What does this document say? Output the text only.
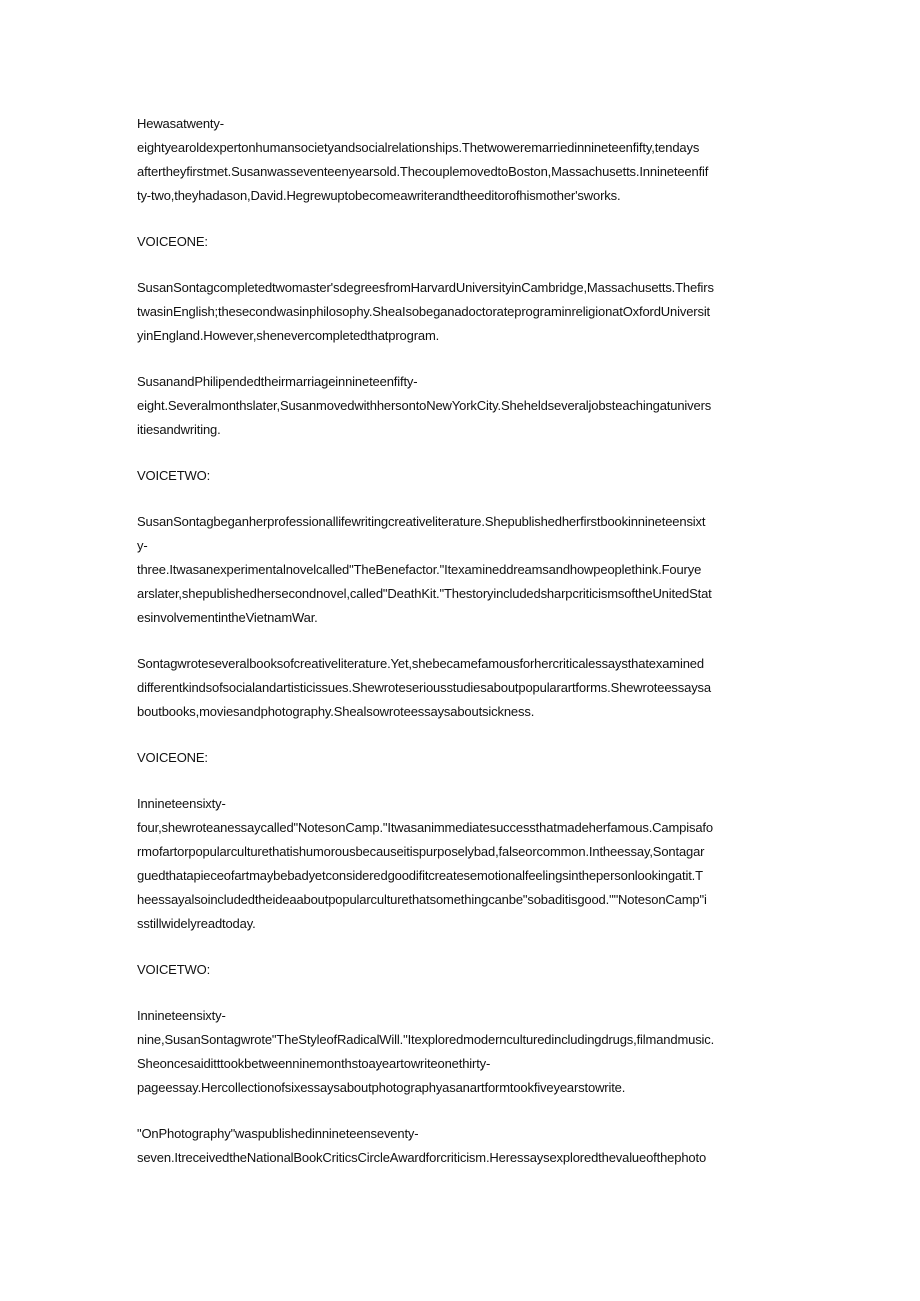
Hewasatwenty-
eightyearoldexpertonhumansocietyandsocialrelationships.Thetwoweremarriedinnineteenfifty,tendays
aftertheyfirstmet.Susanwasseventeenyearsold.ThecouplemovedtoBoston,Massachusetts.Innineteenfif
ty-two,theyhadason,David.Hegrewuptobecomeawriterandtheeditorofhismother'sworks.

VOICEONE:

SusanSontagcompletedtwomaster'sdegreesfromHarvardUniversityinCambridge,Massachusetts.Thefirs
twasinEnglish;thesecondwasinphilosophy.SheaIsobeganadoctorateprograminreligionatOxfordUniversit
yinEngland.However,shenevercompletedthatprogram.

SusanandPhilipendedtheirmarriageinnineteenfifty-
eight.Severalmonthslater,SusanmovedwithhersontoNewYorkCity.Sheheldseveraljobsteachingatunivers
itiesandwriting.

VOICETWO:

SusanSontagbeganherprofessionallifewritingcreativeliterature.Shepublishedherfirstbookinnineteensixt
y-
three.Itwasanexperimentalnovelcalled"TheBenefactor."Itexamineddreamsandhowpeoplethink.Fourye
arslater,shepublishedhersecondnovel,called"DeathKit."ThestoryincludedsharpcriticismsoftheUnitedStat
esinvolvementintheVietnamWar.

Sontagwroteseveralbooksofcreativeliterature.Yet,shebecamefamousforhercriticalessaysthatexamined
differentkindsofsocialandartisticissues.Shewroteseriousstudiesaboutpopularartforms.Shewroteessaysa
boutbooks,moviesandphotography.Shealsowroteessaysaboutsickness.

VOICEONE:

Innineteensixty-
four,shewroteanessaycalled"NotesonCamp."Itwasanimmediatesuccessthatmadeherfamous.Campisafo
rmofartorpopularculturethatishumorousbecauseitispurposelybad,falseorcommon.Intheessay,Sontagar
guedthatapieceofartmaybebadyetconsideredgoodifitcreatesemotionalfeelingsinthepersonlookingatit.T
heessayalsoincludedtheideaaboutpopularculturethatsomethingcanbe"sobaditisgood.""NotesonCamp"i
sstillwidelyreadtoday.

VOICETWO:

Innineteensixty-
nine,SusanSontagwrote"TheStyleofRadicalWill."Itexploredmodernculturedincludingdrugs,filmandmusic.
Sheoncesaiditttookbetweenninemonthstoayeartowriteonethirty-
pageessay.Hercollectionofsixessaysaboutphotographyasanartformtookfiveyearstowrite.

"OnPhotography"waspublishedinnineteenseventy-
seven.ItreceivedtheNationalBookCriticsCircleAwardforcriticism.Heressaysexploredthevalueofthephoto
